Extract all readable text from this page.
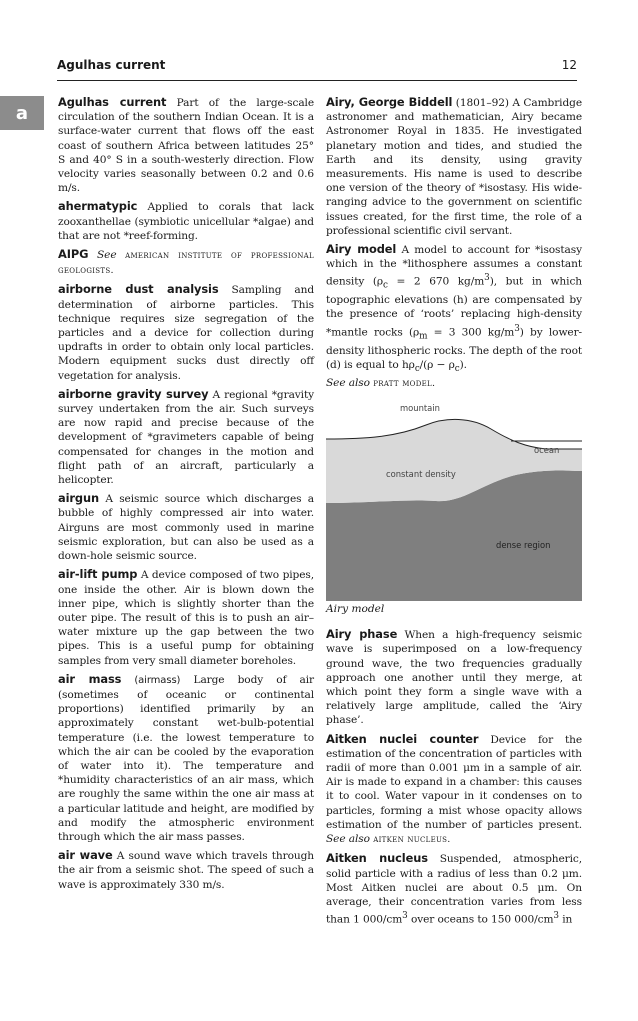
Agulhas current	12
a

Agulhas current Part of the large-scale circulation of the southern Indian Ocean. It is a surface-water current that flows off the east coast of southern Africa between latitudes 25° S and 40° S in a south-westerly direction. Flow velocity varies seasonally between 0.2 and 0.6 m/s.

ahermatypic Applied to corals that lack zooxanthellae (symbiotic unicellular *algae) and that are not *reef-forming.

AIPG See american institute of professional geologists.

airborne dust analysis Sampling and determination of airborne particles. This technique requires size segregation of the particles and a device for collection during updrafts in order to obtain only local particles. Modern equipment sucks dust directly off vegetation for analysis.

airborne gravity survey A regional *gravity survey undertaken from the air. Such surveys are now rapid and precise because of the development of *gravimeters capable of being compensated for changes in the motion and flight path of an aircraft, particularly a helicopter.

airgun A seismic source which discharges a bubble of highly compressed air into water. Airguns are most commonly used in marine seismic exploration, but can also be used as a down-hole seismic source.

air-lift pump A device composed of two pipes, one inside the other. Air is blown down the inner pipe, which is slightly shorter than the outer pipe. The result of this is to push an air–water mixture up the gap between the two pipes. This is a useful pump for obtaining samples from very small diameter boreholes.

air mass (airmass) Large body of air (sometimes of oceanic or continental proportions) identified primarily by an approximately constant wet-bulb-potential temperature (i.e. the lowest temperature to which the air can be cooled by the evaporation of water into it). The temperature and *humidity characteristics of an air mass, which are roughly the same within the one air mass at a particular latitude and height, are modified by and modify the atmospheric environment through which the air mass passes.

air wave A sound wave which travels through the air from a seismic shot. The speed of such a wave is approximately 330 m/s.

Airy, George Biddell (1801–92) A Cambridge astronomer and mathematician, Airy became Astronomer Royal in 1835. He investigated planetary motion and tides, and studied the Earth and its density, using gravity measurements. His name is used to describe one version of the theory of *isostasy. His wide-ranging advice to the government on scientific issues created, for the first time, the role of a professional scientific civil servant.

Airy model A model to account for *isostasy which in the *lithosphere assumes a constant density ($\rho_c = 2$ 670 $kg/m^3$), but in which topographic elevations (h) are compensated by the presence of ‘roots’ replacing high-density *mantle rocks ($\rho_m = 3$ 300 $kg/m^3$) by lower-density lithospheric rocks. The depth of the root (d) is equal to $h\rho_c/(\rho - \rho_c)$.
See also pratt model.

mountain
ocean
constant density
dense region

Airy model

Airy phase When a high-frequency seismic wave is superimposed on a low-frequency ground wave, the two frequencies gradually approach one another until they merge, at which point they form a single wave with a relatively large amplitude, called the ‘Airy phase’.

Aitken nuclei counter Device for the estimation of the concentration of particles with radii of more than 0.001 μm in a sample of air. Air is made to expand in a chamber: this causes it to cool. Water vapour in it condenses on to particles, forming a mist whose opacity allows estimation of the number of particles present. See also aitken nucleus.

Aitken nucleus Suspended, atmospheric, solid particle with a radius of less than 0.2 μm. Most Aitken nuclei are about 0.5 μm. On average, their concentration varies from less than 1 $000/cm^3$ over oceans to 150 $000/cm^3$ in
